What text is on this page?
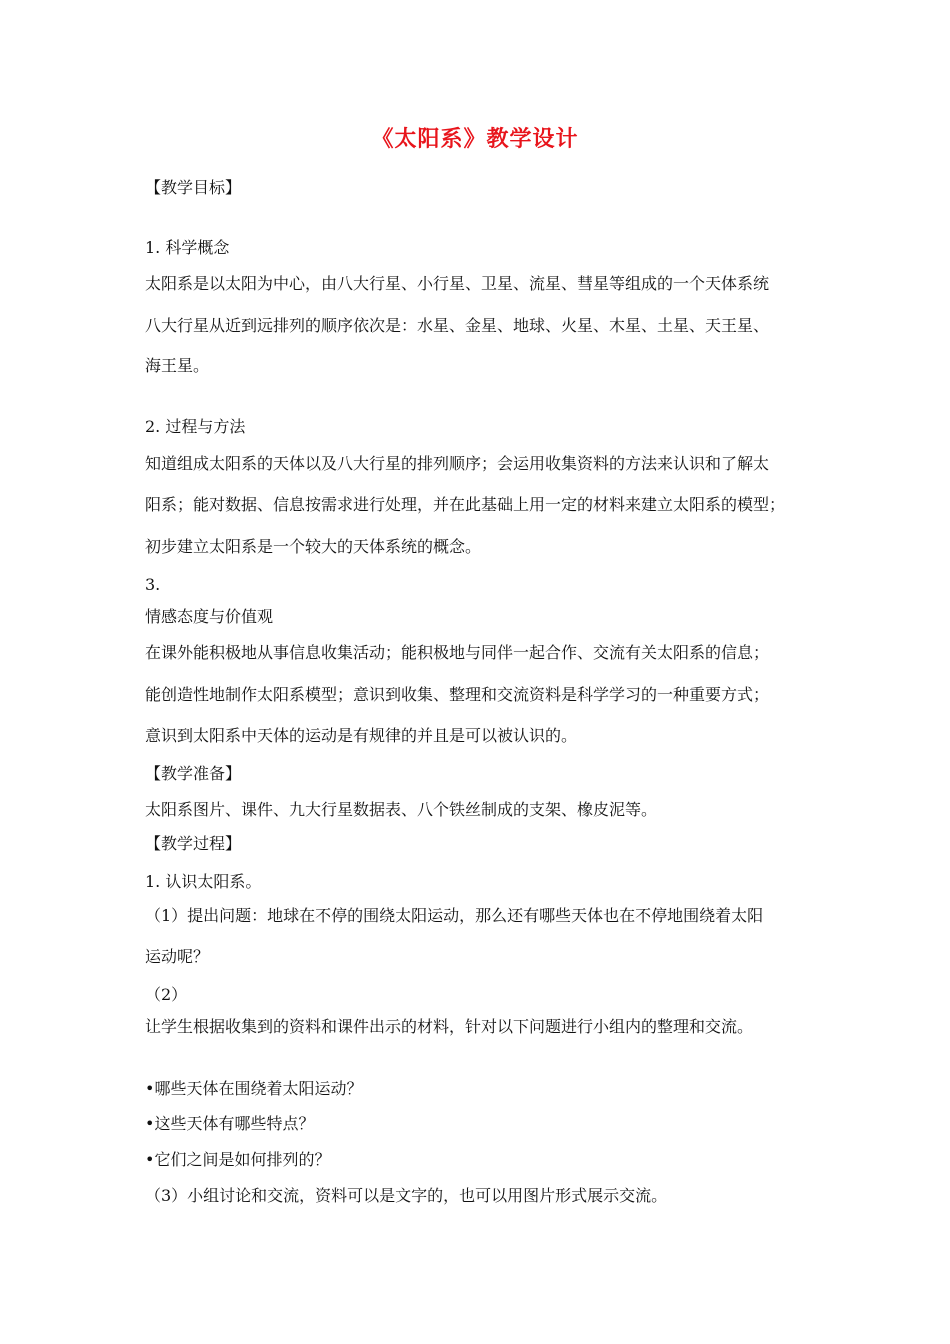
《太阳系》教学设计
【教学目标】
1. 科学概念
太阳系是以太阳为中心，由八大行星、小行星、卫星、流星、彗星等组成的一个天体系统
八大行星从近到远排列的顺序依次是：水星、金星、地球、火星、木星、土星、天王星、
海王星。
2. 过程与方法
知道组成太阳系的天体以及八大行星的排列顺序；会运用收集资料的方法来认识和了解太
阳系；能对数据、信息按需求进行处理，并在此基础上用一定的材料来建立太阳系的模型；
初步建立太阳系是一个较大的天体系统的概念。
3.
情感态度与价值观
在课外能积极地从事信息收集活动；能积极地与同伴一起合作、交流有关太阳系的信息；
能创造性地制作太阳系模型；意识到收集、整理和交流资料是科学学习的一种重要方式；
意识到太阳系中天体的运动是有规律的并且是可以被认识的。
【教学准备】
太阳系图片、课件、九大行星数据表、八个铁丝制成的支架、橡皮泥等。
【教学过程】
1. 认识太阳系。
（1）提出问题：地球在不停的围绕太阳运动，那么还有哪些天体也在不停地围绕着太阳
运动呢？
（2）
让学生根据收集到的资料和课件出示的材料，针对以下问题进行小组内的整理和交流。
•哪些天体在围绕着太阳运动？
•这些天体有哪些特点？
•它们之间是如何排列的？
（3）小组讨论和交流，资料可以是文字的，也可以用图片形式展示交流。
